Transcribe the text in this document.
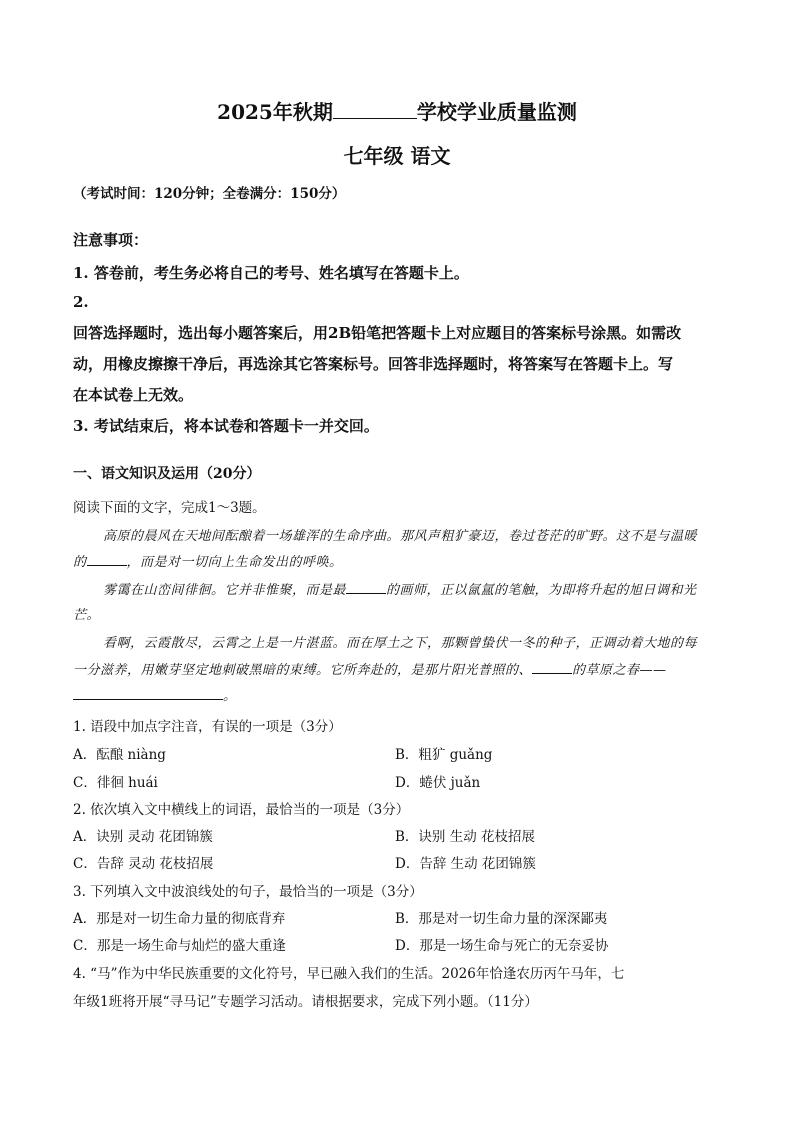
2025年秋期	学校学业质量监测
七年级 语文
（考试时间：120分钟；全卷满分：150分）
注意事项：
1. 答卷前，考生务必将自己的考号、姓名填写在答题卡上。
2.
回答选择题时，选出每小题答案后，用2B铅笔把答题卡上对应题目的答案标号涂黑。如需改
动，用橡皮擦擦干净后，再选涂其它答案标号。回答非选择题时，将答案写在答题卡上。写
在本试卷上无效。
3. 考试结束后，将本试卷和答题卡一并交回。
一、语文知识及运用（20分）
阅读下面的文字，完成1～3题。
高原的晨风在天地间酝酿着一场雄浑的生命序曲。那风声粗犷豪迈，卷过苍茫的旷野。这不是与温暖
的	，而是对一切向上生命发出的呼唤。
雾霭在山峦间徘徊。它并非惟聚，而是最	的画师，正以氤氲的笔触，为即将升起的旭日调和光
芒。
看啊，云霞散尽，云霄之上是一片湛蓝。而在厚土之下，那颗曾蛰伏一冬的种子，正调动着大地的每
一分滋养，用嫩芽坚定地刺破黑暗的束缚。它所奔赴的，是那片阳光普照的、	的草原之春——
。
1. 语段中加点字注音，有误的一项是（3分）
A．酝酿 niàng	B．粗犷 guǎng
C．徘徊 huái	D．蜷伏 juǎn
2. 依次填入文中横线上的词语，最恰当的一项是（3分）
A．诀别 灵动 花团锦簇	B．诀别 生动 花枝招展
C．告辞 灵动 花枝招展	D．告辞 生动 花团锦簇
3. 下列填入文中波浪线处的句子，最恰当的一项是（3分）
A．那是对一切生命力量的彻底背弃	B．那是对一切生命力量的深深鄙夷
C．那是一场生命与灿烂的盛大重逢	D．那是一场生命与死亡的无奈妥协
4. “马”作为中华民族重要的文化符号，早已融入我们的生活。2026年恰逢农历丙午马年，七
年级1班将开展“寻马记”专题学习活动。请根据要求，完成下列小题。（11分）
